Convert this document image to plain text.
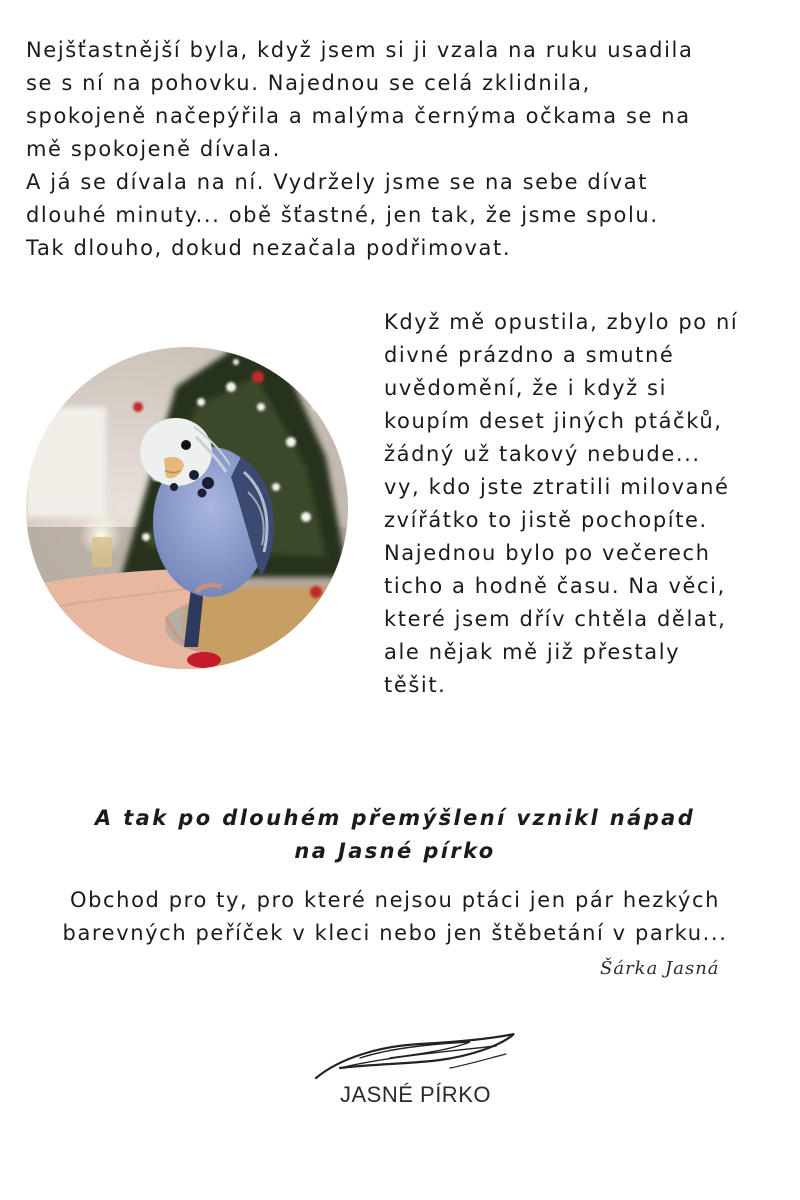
Nejšťastnější byla, když jsem si ji vzala na ruku usadila
se s ní na pohovku. Najednou se celá zklidnila,
spokojeně načepýřila a malýma černýma očkama se na
mě spokojeně dívala.
A já se dívala na ní. Vydržely jsme se na sebe dívat
dlouhé minuty... obě šťastné, jen tak, že jsme spolu.
Tak dlouho, dokud nezačala podřimovat.

Když mě opustila, zbylo po ní
divné prázdno a smutné
uvědomění, že i když si
koupím deset jiných ptáčků,
žádný už takový nebude...
vy, kdo jste ztratili milované
zvířátko to jistě pochopíte.
Najednou bylo po večerech
ticho a hodně času. Na věci,
které jsem dřív chtěla dělat,
ale nějak mě již přestaly
těšit.

A tak po dlouhém přemýšlení vznikl nápad
na Jasné pírko

Obchod pro ty, pro které nejsou ptáci jen pár hezkých
barevných peříček v kleci nebo jen štěbetání v parku...

Šárka Jasná
JASNÉ PÍRKO
